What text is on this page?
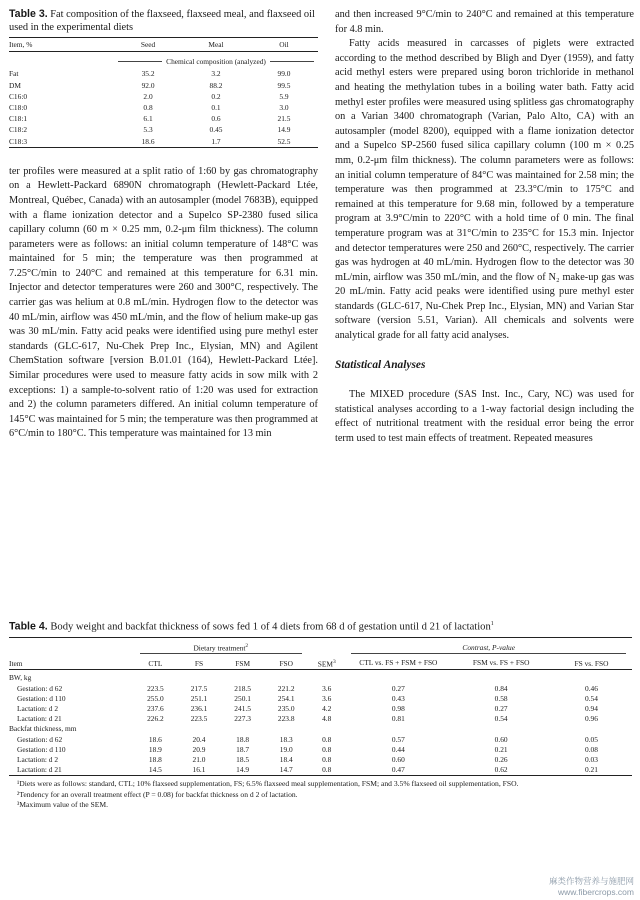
Table 3. Fat composition of the flaxseed, flaxseed meal, and flaxseed oil used in the experimental diets
Item, %	Seed	Meal	Oil

	Chemical composition (analyzed)		

Fat	35.2	3.2	99.0
DM	92.0	88.2	99.5
C16:0	2.0	0.2	5.9
C18:0	0.8	0.1	3.0
C18:1	6.1	0.6	21.5
C18:2	5.3	0.45	14.9
C18:3	18.6	1.7	52.5

ter profiles were measured at a split ratio of 1:60 by gas chromatography on a Hewlett-Packard 6890N chromatograph (Hewlett-Packard Ltée, Montreal, Québec, Canada) with an autosampler (model 7683B), equipped with a flame ionization detector and a Supelco SP-2380 fused silica capillary column (60 m × 0.25 mm, 0.2-μm film thickness). The column parameters were as follows: an initial column temperature of 148°C was maintained for 5 min; the temperature was then programmed at 7.25°C/min to 240°C and remained at this temperature for 6.31 min. Injector and detector temperatures were 260 and 300°C, respectively. The carrier gas was helium at 0.8 mL/min. Hydrogen flow to the detector was 40 mL/min, airflow was 450 mL/min, and the flow of helium make-up gas was 30 mL/min. Fatty acid peaks were identified using pure methyl ester standards (GLC-617, Nu-Chek Prep Inc., Elysian, MN) and Agilent ChemStation software [version B.01.01 (164), Hewlett-Packard Ltée]. Similar procedures were used to measure fatty acids in sow milk with 2 exceptions: 1) a sample-to-solvent ratio of 1:20 was used for extraction and 2) the column parameters differed. An initial column temperature of 145°C was maintained for 5 min; the temperature was then programmed at 6°C/min to 180°C. This temperature was maintained for 13 min

and then increased 9°C/min to 240°C and remained at this temperature for 4.8 min.

Fatty acids measured in carcasses of piglets were extracted according to the method described by Bligh and Dyer (1959), and fatty acid methyl esters were prepared using boron trichloride in methanol and heating the methylation tubes in a boiling water bath. Fatty acid methyl ester profiles were measured using splitless gas chromatography on a Varian 3400 chromatograph (Varian, Palo Alto, CA) with an autosampler (model 8200), equipped with a flame ionization detector and a Supelco SP-2560 fused silica capillary column (100 m × 0.25 mm, 0.2-μm film thickness). The column parameters were as follows: an initial column temperature of 84°C was maintained for 2.58 min; the temperature was then programmed at 23.3°C/min to 175°C and remained at this temperature for 9.68 min, followed by a temperature program at 3.9°C/min to 220°C with a hold time of 0 min. The final temperature program was at 31°C/min to 235°C for 15.3 min. Injector and detector temperatures were 250 and 260°C, respectively. The carrier gas was hydrogen at 40 mL/min. Hydrogen flow to the detector was 30 mL/min, airflow was 350 mL/min, and the flow of N₂ make-up gas was 20 mL/min. Fatty acid peaks were identified using pure methyl ester standards (GLC-617, Nu-Chek Prep Inc., Elysian, MN) and Varian Star software (version 5.51, Varian). All chemicals and solvents were analytical grade for all fatty acid analyses.

Statistical Analyses

The MIXED procedure (SAS Inst. Inc., Cary, NC) was used for statistical analyses according to a 1-way factorial design including the effect of nutritional treatment with the residual error being the error term used to test main effects of treatment. Repeated measures

Table 4. Body weight and backfat thickness of sows fed 1 of 4 diets from 68 d of gestation until d 21 of lactation$^1$

	Dietary treatment$^2$					Contrast, P-value		

Item	CTL	FS	FSM	FSO	SEM$^3$	CTL vs. FS + FSM + FSO	FSM vs. FS + FSO	FS vs. FSO
BW, kg								
Gestation: d 62	223.5	217.5	218.5	221.2	3.6	0.27	0.84	0.46
Gestation: d 110	255.0	251.1	250.1	254.1	3.6	0.43	0.58	0.54
Lactation: d 2	237.6	236.1	241.5	235.0	4.2	0.98	0.27	0.94
Lactation: d 21	226.2	223.5	227.3	223.8	4.8	0.81	0.54	0.96
Backfat thickness, mm								
Gestation: d 62	18.6	20.4	18.8	18.3	0.8	0.57	0.60	0.05
Gestation: d 110	18.9	20.9	18.7	19.0	0.8	0.44	0.21	0.08
Lactation: d 2	18.8	21.0	18.5	18.4	0.8	0.60	0.26	0.03
Lactation: d 21	14.5	16.1	14.9	14.7	0.8	0.47	0.62	0.21

¹Diets were as follows: standard, CTL; 10% flaxseed supplementation, FS; 6.5% flaxseed meal supplementation, FSM; and 3.5% flaxseed oil supplementation, FSO.

²Tendency for an overall treatment effect (P = 0.08) for backfat thickness on d 2 of lactation.

³Maximum value of the SEM.

麻类作物营养与施肥网
www.fibercrops.com
